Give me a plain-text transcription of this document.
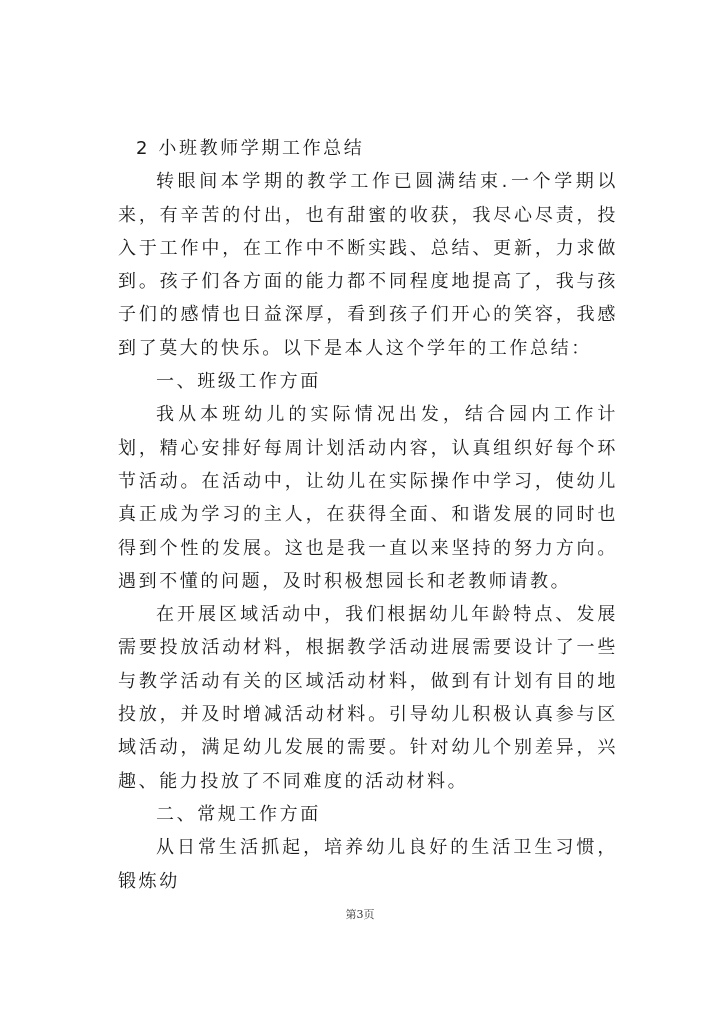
2 小班教师学期工作总结

转眼间本学期的教学工作已圆满结束.一个学期以来，有辛苦的付出，也有甜蜜的收获，我尽心尽责，投入于工作中，在工作中不断实践、总结、更新，力求做到。孩子们各方面的能力都不同程度地提高了，我与孩子们的感情也日益深厚，看到孩子们开心的笑容，我感到了莫大的快乐。以下是本人这个学年的工作总结：

一、班级工作方面

我从本班幼儿的实际情况出发，结合园内工作计划，精心安排好每周计划活动内容，认真组织好每个环节活动。在活动中，让幼儿在实际操作中学习，使幼儿真正成为学习的主人，在获得全面、和谐发展的同时也得到个性的发展。这也是我一直以来坚持的努力方向。遇到不懂的问题，及时积极想园长和老教师请教。

在开展区域活动中，我们根据幼儿年龄特点、发展需要投放活动材料，根据教学活动进展需要设计了一些与教学活动有关的区域活动材料，做到有计划有目的地投放，并及时增减活动材料。引导幼儿积极认真参与区域活动，满足幼儿发展的需要。针对幼儿个别差异，兴趣、能力投放了不同难度的活动材料。

二、常规工作方面

从日常生活抓起，培养幼儿良好的生活卫生习惯，锻炼幼

第3页
